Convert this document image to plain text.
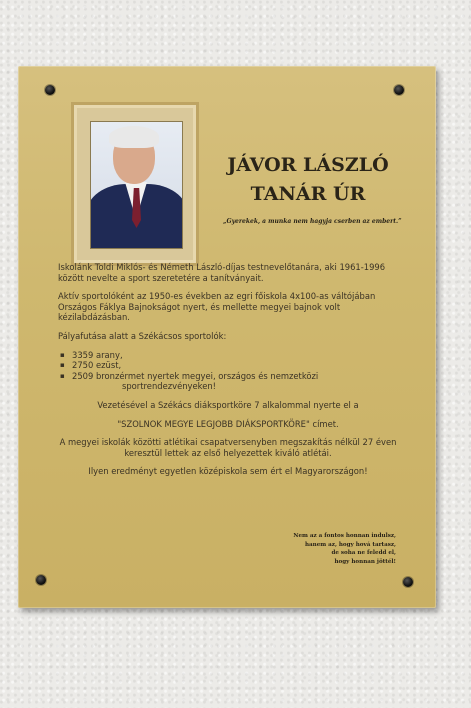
JÁVOR LÁSZLÓ
TANÁR ÚR
„Gyerekek, a munka nem hagyja cserben az embert.”

Iskolánk Toldi Miklós- és Németh László-díjas testnevelőtanára, aki 1961-1996 között nevelte a sport szeretetére a tanítványait.

Aktív sportolóként az 1950-es években az egri főiskola 4x100-as váltójában Országos Fáklya Bajnokságot nyert, és mellette megyei bajnok volt kézilabdázásban.

Pályafutása alatt a Székácsos sportolók:

▪ 3359 arany,
▪ 2750 ezüst,
▪ 2509 bronzérmet nyertek megyei, országos és nemzetközi
sportrendezvényeken!

Vezetésével a Székács diáksportköre 7 alkalommal nyerte el a

"SZOLNOK MEGYE LEGJOBB DIÁKSPORTKÖRE" címet.

A megyei iskolák közötti atlétikai csapatversenyben megszakítás nélkül 27 éven keresztül lettek az első helyezettek kiváló atlétái.

Ilyen eredményt egyetlen középiskola sem ért el Magyarországon!

Nem az a fontos honnan indulsz,
hanem az, hogy hová tartasz,
de soha ne feledd el,
hogy honnan jöttél!
